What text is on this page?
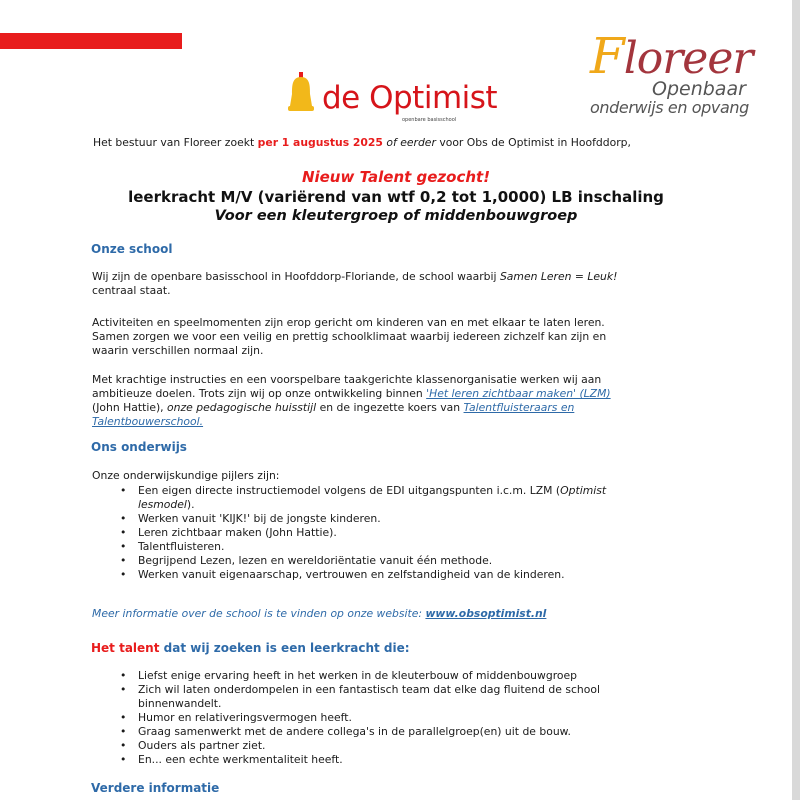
de Optimist
openbare basisschool
Floreer
Openbaar
onderwijs en opvang
Het bestuur van Floreer zoekt per 1 augustus 2025 of eerder voor Obs de Optimist in Hoofddorp,
Nieuw Talent gezocht!
leerkracht M/V (variërend van wtf 0,2 tot 1,0000) LB inschaling
Voor een kleutergroep of middenbouwgroep
Onze school
Wij zijn de openbare basisschool in Hoofddorp-Floriande, de school waarbij Samen Leren = Leuk!
centraal staat.
Activiteiten en speelmomenten zijn erop gericht om kinderen van en met elkaar te laten leren.
Samen zorgen we voor een veilig en prettig schoolklimaat waarbij iedereen zichzelf kan zijn en
waarin verschillen normaal zijn.
Met krachtige instructies en een voorspelbare taakgerichte klassenorganisatie werken wij aan
ambitieuze doelen. Trots zijn wij op onze ontwikkeling binnen 'Het leren zichtbaar maken' (LZM)
(John Hattie), onze pedagogische huisstijl en de ingezette koers van Talentfluisteraars en
Talentbouwerschool.
Ons onderwijs
Onze onderwijskundige pijlers zijn:
• Een eigen directe instructiemodel volgens de EDI uitgangspunten i.c.m. LZM (Optimist
lesmodel).
• Werken vanuit 'KIJK!' bij de jongste kinderen.
• Leren zichtbaar maken (John Hattie).
• Talentfluisteren.
• Begrijpend Lezen, lezen en wereldoriëntatie vanuit één methode.
• Werken vanuit eigenaarschap, vertrouwen en zelfstandigheid van de kinderen.
Meer informatie over de school is te vinden op onze website: www.obsoptimist.nl
Het talent dat wij zoeken is een leerkracht die:
• Liefst enige ervaring heeft in het werken in de kleuterbouw of middenbouwgroep
• Zich wil laten onderdompelen in een fantastisch team dat elke dag fluitend de school
binnenwandelt.
• Humor en relativeringsvermogen heeft.
• Graag samenwerkt met de andere collega's in de parallelgroep(en) uit de bouw.
• Ouders als partner ziet.
• En... een echte werkmentaliteit heeft.
Verdere informatie
